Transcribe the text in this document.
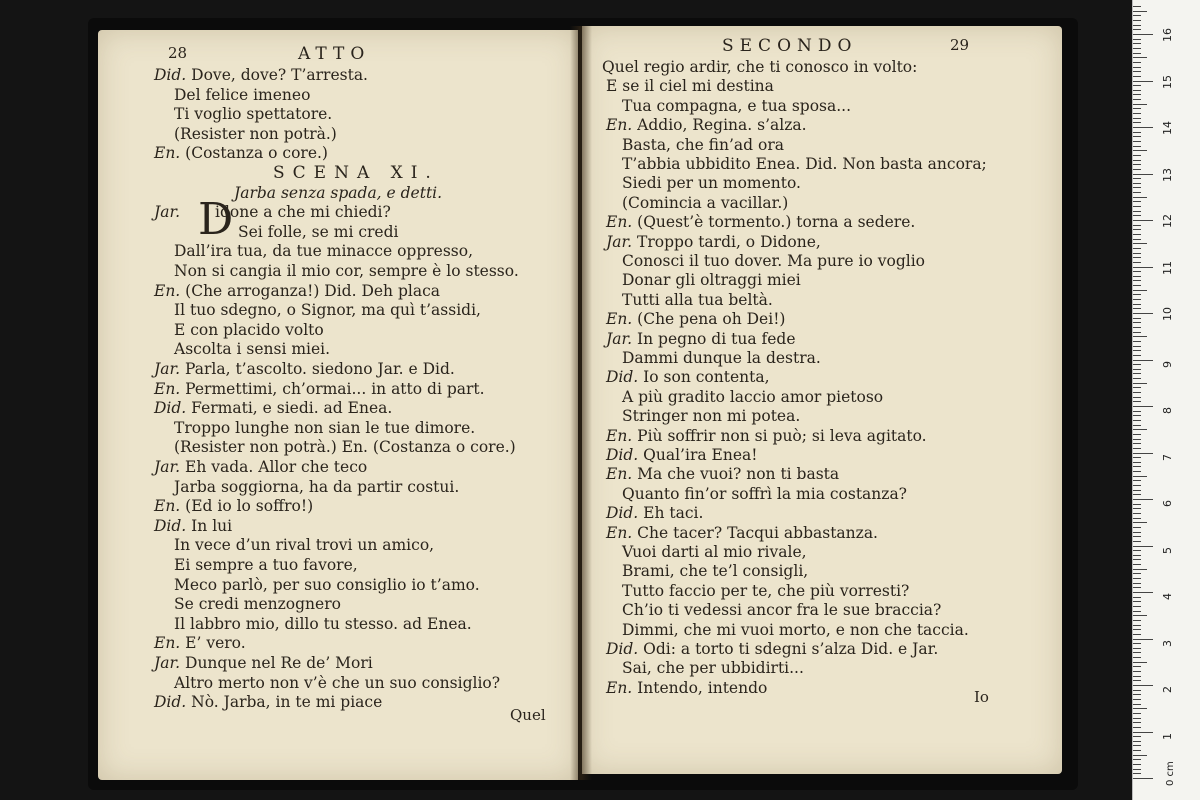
28	ATTO
Did. Dove, dove? T’arresta.
Del felice imeneo
Ti voglio spettatore.
(Resister non potrà.)
En. (Costanza o core.)
SCENA XI.
Jarba senza spada, e detti.
Jar. idone a che mi chiedi?
Sei folle, se mi credi
Dall’ira tua, da tue minacce oppresso,
Non si cangia il mio cor, sempre è lo stesso.
En. (Che arroganza!) Did. Deh placa
Il tuo sdegno, o Signor, ma quì t’assidi,
E con placido volto
Ascolta i sensi miei.
Jar. Parla, t’ascolto. siedono Jar. e Did.
En. Permettimi, ch’ormai... in atto di part.
Did. Fermati, e siedi. ad Enea.
Troppo lunghe non sian le tue dimore.
(Resister non potrà.) En. (Costanza o core.)
Jar. Eh vada. Allor che teco
Jarba soggiorna, ha da partir costui.
En. (Ed io lo soffro!)
Did. In lui
In vece d’un rival trovi un amico,
Ei sempre a tuo favore,
Meco parlò, per suo consiglio io t’amo.
Se credi menzognero
Il labbro mio, dillo tu stesso. ad Enea.
En. E’ vero.
Jar. Dunque nel Re de’ Mori
Altro merto non v’è che un suo consiglio?
Did. Nò. Jarba, in te mi piace
D
Quel
SECONDO	29
Quel regio ardir, che ti conosco in volto:
E se il ciel mi destina
Tua compagna, e tua sposa...
En. Addio, Regina. s’alza.
Basta, che fin’ad ora
T’abbia ubbidito Enea. Did. Non basta ancora;
Siedi per un momento.
(Comincia a vacillar.)
En. (Quest’è tormento.) torna a sedere.
Jar. Troppo tardi, o Didone,
Conosci il tuo dover. Ma pure io voglio
Donar gli oltraggi miei
Tutti alla tua beltà.
En. (Che pena oh Dei!)
Jar. In pegno di tua fede
Dammi dunque la destra.
Did. Io son contenta,
A più gradito laccio amor pietoso
Stringer non mi potea.
En. Più soffrir non si può; si leva agitato.
Did. Qual’ira Enea!
En. Ma che vuoi? non ti basta
Quanto fin’or soffrì la mia costanza?
Did. Eh taci.
En. Che tacer? Tacqui abbastanza.
Vuoi darti al mio rivale,
Brami, che te’l consigli,
Tutto faccio per te, che più vorresti?
Ch’io ti vedessi ancor fra le sue braccia?
Dimmi, che mi vuoi morto, e non che taccia.
Did. Odi: a torto ti sdegni s’alza Did. e Jar.
Sai, che per ubbidirti...
En. Intendo, intendo
Io
16
15
14
13
12
11
10
9
8
7
6
5
4
3
2
1
0 cm
